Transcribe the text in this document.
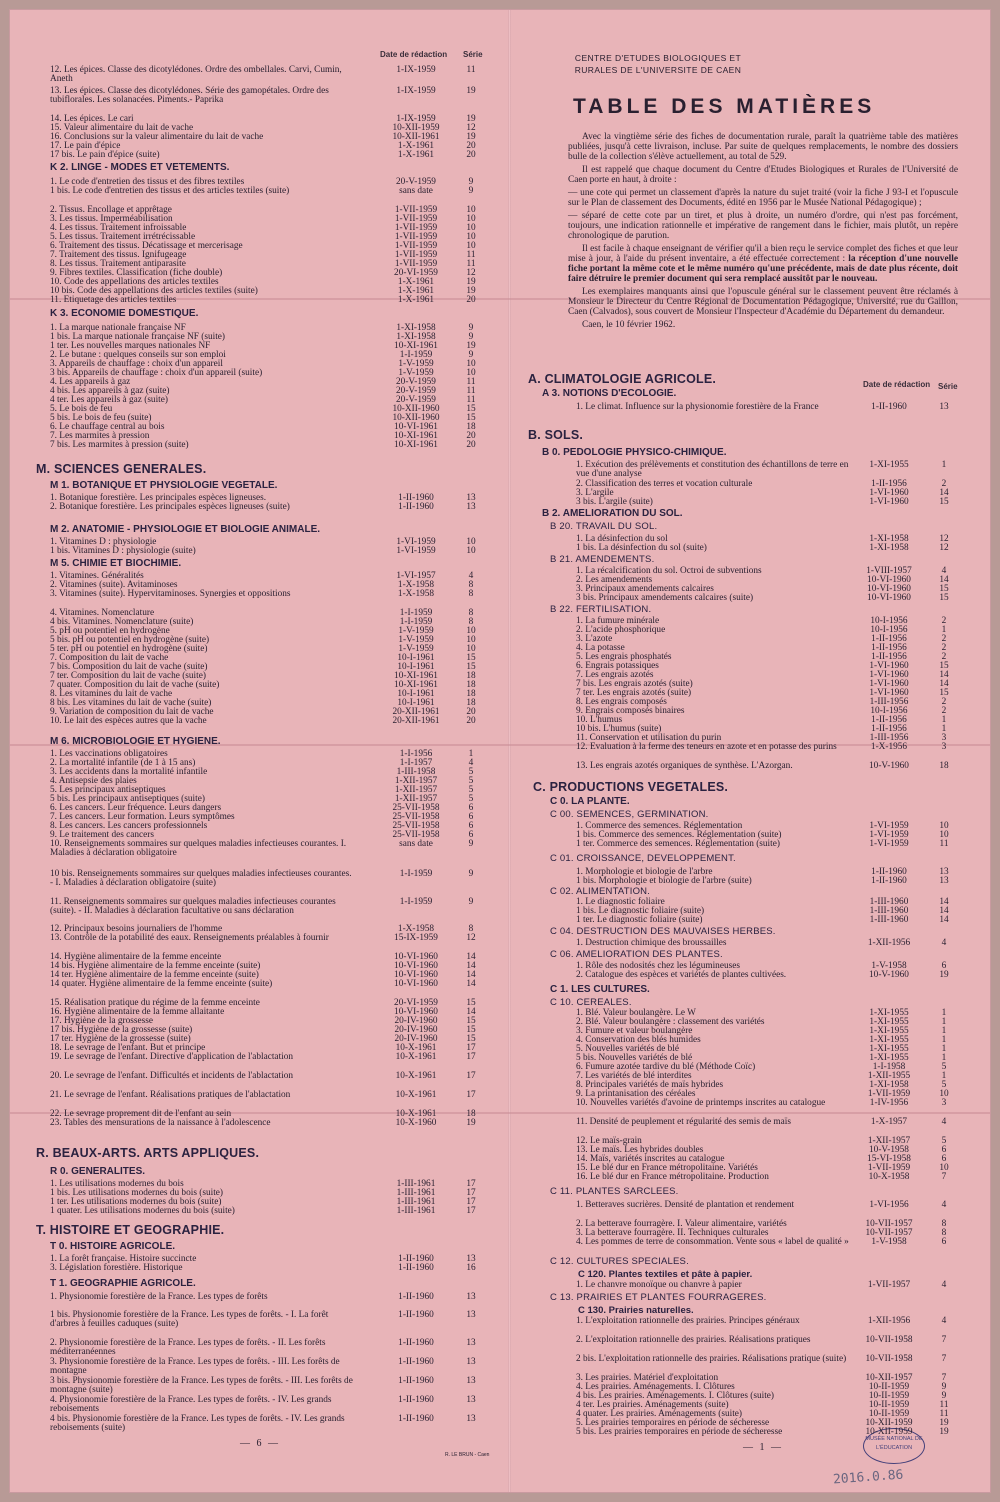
Date de rédaction Série
K 2. LINGE - MODES ET VETEMENTS.
K 3. ECONOMIE DOMESTIQUE.
M. SCIENCES GENERALES.
M 1. BOTANIQUE ET PHYSIOLOGIE VEGETALE.
M 2. ANATOMIE - PHYSIOLOGIE ET BIOLOGIE ANIMALE.
M 5. CHIMIE ET BIOCHIMIE.
M 6. MICROBIOLOGIE ET HYGIENE.
R. BEAUX-ARTS. ARTS APPLIQUES.
R 0. GENERALITES.
T. HISTOIRE ET GEOGRAPHIE.
T 0. HISTOIRE AGRICOLE.
T 1. GEOGRAPHIE AGRICOLE.
— 6 —
R. LE BRUN - Caen
12. Les épices. Classe des dicotylédones. Ordre des ombellales. Carvi, Cumin, Aneth
1-IX-1959	11
13. Les épices. Classe des dicotylédones. Série des gamopétales. Ordre des tubiflorales. Les solanacées. Piments.- Paprika
1-IX-1959	19
14. Les épices. Le cari	1-IX-1959	19
15. Valeur alimentaire du lait de vache	10-XII-1959	12
16. Conclusions sur la valeur alimentaire du lait de vache	10-XII-1961	19
17. Le pain d'épice	1-X-1961	20
17 bis. Le pain d'épice (suite)	1-X-1961	20
1. Le code d'entretien des tissus et des fibres textiles	20-V-1959	9
1 bis. Le code d'entretien des tissus et des articles textiles (suite)	sans date	9
2. Tissus. Encollage et apprêtage	1-VII-1959	10
3. Les tissus. Imperméabilisation	1-VII-1959	10
4. Les tissus. Traitement infroissable	1-VII-1959	10
5. Les tissus. Traitement irrétrécissable	1-VII-1959	10
6. Traitement des tissus. Décatissage et mercerisage	1-VII-1959	10
7. Traitement des tissus. Ignifugeage	1-VII-1959	11
8. Les tissus. Traitement antiparasite	1-VII-1959	11
9. Fibres textiles. Classification (fiche double)	20-VI-1959	12
10. Code des appellations des articles textiles	1-X-1961	19
10 bis. Code des appellations des articles textiles (suite)	1-X-1961	19
11. Etiquetage des articles textiles	1-X-1961	20
1. La marque nationale française NF	1-XI-1958	9
1 bis. La marque nationale française NF (suite)	1-XI-1958	9
1 ter. Les nouvelles marques nationales NF	10-XI-1961	19
2. Le butane : quelques conseils sur son emploi	1-I-1959	9
3. Appareils de chauffage : choix d'un appareil	1-V-1959	10
3 bis. Appareils de chauffage : choix d'un appareil (suite)	1-V-1959	10
4. Les appareils à gaz	20-V-1959	11
4 bis. Les appareils à gaz (suite)	20-V-1959	11
4 ter. Les appareils à gaz (suite)	20-V-1959	11
5. Le bois de feu	10-XII-1960	15
5 bis. Le bois de feu (suite)	10-XII-1960	15
6. Le chauffage central au bois	10-VI-1961	18
7. Les marmites à pression	10-XI-1961	20
7 bis. Les marmites à pression (suite)	10-XI-1961	20
1. Botanique forestière. Les principales espèces ligneuses.	1-II-1960	13
2. Botanique forestière. Les principales espèces ligneuses (suite)	1-II-1960	13
1. Vitamines D : physiologie	1-VI-1959	10
1 bis. Vitamines D : physiologie (suite)	1-VI-1959	10
1. Vitamines. Généralités	1-VI-1957	4
2. Vitamines (suite). Avitaminoses	1-X-1958	8
3. Vitamines (suite). Hypervitaminoses. Synergies et oppositions	1-X-1958	8
4. Vitamines. Nomenclature	1-I-1959	8
4 bis. Vitamines. Nomenclature (suite)	1-I-1959	8
5. pH ou potentiel en hydrogène	1-V-1959	10
5 bis. pH ou potentiel en hydrogène (suite)	1-V-1959	10
5 ter. pH ou potentiel en hydrogène (suite)	1-V-1959	10
7. Composition du lait de vache	10-I-1961	15
7 bis. Composition du lait de vache (suite)	10-I-1961	15
7 ter. Composition du lait de vache (suite)	10-XI-1961	18
7 quater. Composition du lait de vache (suite)	10-XI-1961	18
8. Les vitamines du lait de vache	10-I-1961	18
8 bis. Les vitamines du lait de vache (suite)	10-I-1961	18
9. Variation de composition du lait de vache	20-XII-1961	20
10. Le lait des espèces autres que la vache	20-XII-1961	20
1. Les vaccinations obligatoires	1-I-1956	1
2. La mortalité infantile (de 1 à 15 ans)	1-I-1957	4
3. Les accidents dans la mortalité infantile	1-III-1958	5
4. Antisepsie des plaies	1-XII-1957	5
5. Les principaux antiseptiques	1-XII-1957	5
5 bis. Les principaux antiseptiques (suite)	1-XII-1957	5
6. Les cancers. Leur fréquence. Leurs dangers	25-VII-1958	6
7. Les cancers. Leur formation. Leurs symptômes	25-VII-1958	6
8. Les cancers. Les cancers professionnels	25-VII-1958	6
9. Le traitement des cancers	25-VII-1958	6
10. Renseignements sommaires sur quelques maladies infectieuses courantes. I. Maladies à déclaration obligatoire
sans date	9
10 bis. Renseignements sommaires sur quelques maladies infectieuses courantes. - I. Maladies à déclaration obligatoire (suite)
1-I-1959	9
11. Renseignements sommaires sur quelques maladies infectieuses courantes (suite). - II. Maladies à déclaration facultative ou sans déclaration
1-I-1959	9
12. Principaux besoins journaliers de l'homme	1-X-1958	8
13. Contrôle de la potabilité des eaux. Renseignements préalables à fournir	15-IX-1959	12
14. Hygiène alimentaire de la femme enceinte	10-VI-1960	14
14 bis. Hygiène alimentaire de la femme enceinte (suite)	10-VI-1960	14
14 ter. Hygiène alimentaire de la femme enceinte (suite)	10-VI-1960	14
14 quater. Hygiène alimentaire de la femme enceinte (suite)	10-VI-1960	14
15. Réalisation pratique du régime de la femme enceinte	20-VI-1959	15
16. Hygiène alimentaire de la femme allaitante	10-VI-1960	14
17. Hygiène de la grossesse	20-IV-1960	15
17 bis. Hygiène de la grossesse (suite)	20-IV-1960	15
17 ter. Hygiène de la grossesse (suite)	20-IV-1960	15
18. Le sevrage de l'enfant. But et principe	10-X-1961	17
19. Le sevrage de l'enfant. Directive d'application de l'ablactation	10-X-1961	17
20. Le sevrage de l'enfant. Difficultés et incidents de l'ablactation	10-X-1961	17
21. Le sevrage de l'enfant. Réalisations pratiques de l'ablactation	10-X-1961	17
22. Le sevrage proprement dit de l'enfant au sein	10-X-1961	18
23. Tables des mensurations de la naissance à l'adolescence	10-X-1960	19
1. Les utilisations modernes du bois	1-III-1961	17
1 bis. Les utilisations modernes du bois (suite)	1-III-1961	17
1 ter. Les utilisations modernes du bois (suite)	1-III-1961	17
1 quater. Les utilisations modernes du bois (suite)	1-III-1961	17
1. La forêt française. Histoire succincte	1-II-1960	13
3. Législation forestière. Historique	1-II-1960	16
1. Physionomie forestière de la France. Les types de forêts	1-II-1960	13
1 bis. Physionomie forestière de la France. Les types de forêts. - I. La forêt d'arbres à feuilles caduques (suite)
1-II-1960	13
2. Physionomie forestière de la France. Les types de forêts. - II. Les forêts méditerranéennes
1-II-1960	13
3. Physionomie forestière de la France. Les types de forêts. - III. Les forêts de montagne
1-II-1960	13
3 bis. Physionomie forestière de la France. Les types de forêts. - III. Les forêts de montagne (suite)
1-II-1960	13
4. Physionomie forestière de la France. Les types de forêts. - IV. Les grands reboisements
1-II-1960	13
4 bis. Physionomie forestière de la France. Les types de forêts. - IV. Les grands reboisements (suite)
1-II-1960	13
CENTRE D'ETUDES BIOLOGIQUES ET RURALES DE L'UNIVERSITE DE CAEN
TABLE DES MATIÈRES

Avec la vingtième série des fiches de documentation rurale, paraît la quatrième table des matières publiées, jusqu'à cette livraison, incluse. Par suite de quelques remplacements, le nombre des dossiers bulle de la collection s'élève actuellement, au total de 529.

Il est rappelé que chaque document du Centre d'Etudes Biologiques et Rurales de l'Université de Caen porte en haut, à droite :

— une cote qui permet un classement d'après la nature du sujet traité (voir la fiche J 93-I et l'opuscule sur le Plan de classement des Documents, édité en 1956 par le Musée National Pédagogique) ;

— séparé de cette cote par un tiret, et plus à droite, un numéro d'ordre, qui n'est pas forcément, toujours, une indication rationnelle et impérative de rangement dans le fichier, mais plutôt, un repère chronologique de parution.

Il est facile à chaque enseignant de vérifier qu'il a bien reçu le service complet des fiches et que leur mise à jour, à l'aide du présent inventaire, a été effectuée correctement : la réception d'une nouvelle fiche portant la même cote et le même numéro qu'une précédente, mais de date plus récente, doit faire détruire le premier document qui sera remplacé aussitôt par le nouveau.

Les exemplaires manquants ainsi que l'opuscule général sur le classement peuvent être réclamés à Monsieur le Directeur du Centre Régional de Documentation Pédagogique, Université, rue du Gaillon, Caen (Calvados), sous couvert de Monsieur l'Inspecteur d'Académie du Département du demandeur.

Caen, le 10 février 1962.

A. CLIMATOLOGIE AGRICOLE.	Date de rédaction Série
A 3. NOTIONS D'ECOLOGIE.
B. SOLS.
B 0. PEDOLOGIE PHYSICO-CHIMIQUE.
B 2. AMELIORATION DU SOL.
B 20. TRAVAIL DU SOL.
B 21. AMENDEMENTS.
B 22. FERTILISATION.
C. PRODUCTIONS VEGETALES.
C 0. LA PLANTE.
C 00. SEMENCES, GERMINATION.
C 01. CROISSANCE, DEVELOPPEMENT.
C 02. ALIMENTATION.
C 04. DESTRUCTION DES MAUVAISES HERBES.
C 06. AMELIORATION DES PLANTES.
C 1. LES CULTURES.
C 10. CEREALES.
C 11. PLANTES SARCLEES.
C 12. CULTURES SPECIALES.
C 120. Plantes textiles et pâte à papier.
C 13. PRAIRIES ET PLANTES FOURRAGERES.
C 130. Prairies naturelles.
— 1 —
MUSÉE NATIONAL DE L'ÉDUCATION
2016.0.86
1. Le climat. Influence sur la physionomie forestière de la France	1-II-1960	13
1. Exécution des prélèvements et constitution des échantillons de terre en vue d'une analyse
1-XI-1955	1
2. Classification des terres et vocation culturale	1-II-1956	2
3. L'argile	1-VI-1960	14
3 bis. L'argile (suite)	1-VI-1960	15
1. La désinfection du sol	1-XI-1958	12
1 bis. La désinfection du sol (suite)	1-XI-1958	12
1. La récalcification du sol. Octroi de subventions	1-VIII-1957	4
2. Les amendements	10-VI-1960	14
3. Principaux amendements calcaires	10-VI-1960	15
3 bis. Principaux amendements calcaires (suite)	10-VI-1960	15
1. La fumure minérale	10-I-1956	2
2. L'acide phosphorique	10-I-1956	1
3. L'azote	1-II-1956	2
4. La potasse	1-II-1956	2
5. Les engrais phosphatés	1-II-1956	2
6. Engrais potassiques	1-VI-1960	15
7. Les engrais azotés	1-VI-1960	14
7 bis. Les engrais azotés (suite)	1-VI-1960	14
7 ter. Les engrais azotés (suite)	1-VI-1960	15
8. Les engrais composés	1-III-1956	2
9. Engrais composés binaires	10-I-1956	2
10. L'humus	1-II-1956	1
10 bis. L'humus (suite)	1-II-1956	1
11. Conservation et utilisation du purin	1-III-1956	3
12. Evaluation à la ferme des teneurs en azote et en potasse des purins	1-X-1956	3
13. Les engrais azotés organiques de synthèse. L'Azorgan.	10-V-1960	18
1. Commerce des semences. Réglementation	1-VI-1959	10
1 bis. Commerce des semences. Réglementation (suite)	1-VI-1959	10
1 ter. Commerce des semences. Réglementation (suite)	1-VI-1959	11
1. Morphologie et biologie de l'arbre	1-II-1960	13
1 bis. Morphologie et biologie de l'arbre (suite)	1-II-1960	13
1. Le diagnostic foliaire	1-III-1960	14
1 bis. Le diagnostic foliaire (suite)	1-III-1960	14
1 ter. Le diagnostic foliaire (suite)	1-III-1960	14
1. Destruction chimique des broussailles	1-XII-1956	4
1. Rôle des nodosités chez les légumineuses	1-V-1958	6
2. Catalogue des espèces et variétés de plantes cultivées.	10-V-1960	19
1. Blé. Valeur boulangère. Le W	1-XI-1955	1
2. Blé. Valeur boulangère : classement des variétés	1-XI-1955	1
3. Fumure et valeur boulangère	1-XI-1955	1
4. Conservation des blés humides	1-XI-1955	1
5. Nouvelles variétés de blé	1-XI-1955	1
5 bis. Nouvelles variétés de blé	1-XI-1955	1
6. Fumure azotée tardive du blé (Méthode Coïc)	1-I-1958	5
7. Les variétés de blé interdites	1-XII-1955	1
8. Principales variétés de maïs hybrides	1-XI-1958	5
9. La printanisation des céréales	1-VII-1959	10
10. Nouvelles variétés d'avoine de printemps inscrites au catalogue	1-IV-1956	3
11. Densité de peuplement et régularité des semis de maïs	1-X-1957	4
12. Le maïs-grain	1-XII-1957	5
13. Le maïs. Les hybrides doubles	10-V-1958	6
14. Maïs, variétés inscrites au catalogue	15-VI-1958	6
15. Le blé dur en France métropolitaine. Variétés	1-VII-1959	10
16. Le blé dur en France métropolitaine. Production	10-X-1958	7
1. Betteraves sucrières. Densité de plantation et rendement	1-VI-1956	4
2. La betterave fourragère. I. Valeur alimentaire, variétés	10-VII-1957	8
3. La betterave fourragère. II. Techniques culturales	10-VII-1957	8
4. Les pommes de terre de consommation. Vente sous « label de qualité »	1-V-1958	6
1. Le chanvre monoïque ou chanvre à papier	1-VII-1957	4
1. L'exploitation rationnelle des prairies. Principes généraux	1-XII-1956	4
2. L'exploitation rationnelle des prairies. Réalisations pratiques	10-VII-1958	7
2 bis. L'exploitation rationnelle des prairies. Réalisations pratique (suite)	10-VII-1958	7
3. Les prairies. Matériel d'exploitation	10-XII-1957	7
4. Les prairies. Aménagements. I. Clôtures	10-II-1959	9
4 bis. Les prairies. Aménagements. I. Clôtures (suite)	10-II-1959	9
4 ter. Les prairies. Aménagements (suite)	10-II-1959	11
4 quater. Les prairies. Aménagements (suite)	10-II-1959	11
5. Les prairies temporaires en période de sécheresse	10-XII-1959	19
5 bis. Les prairies temporaires en période de sécheresse	10-XII-1959	19
